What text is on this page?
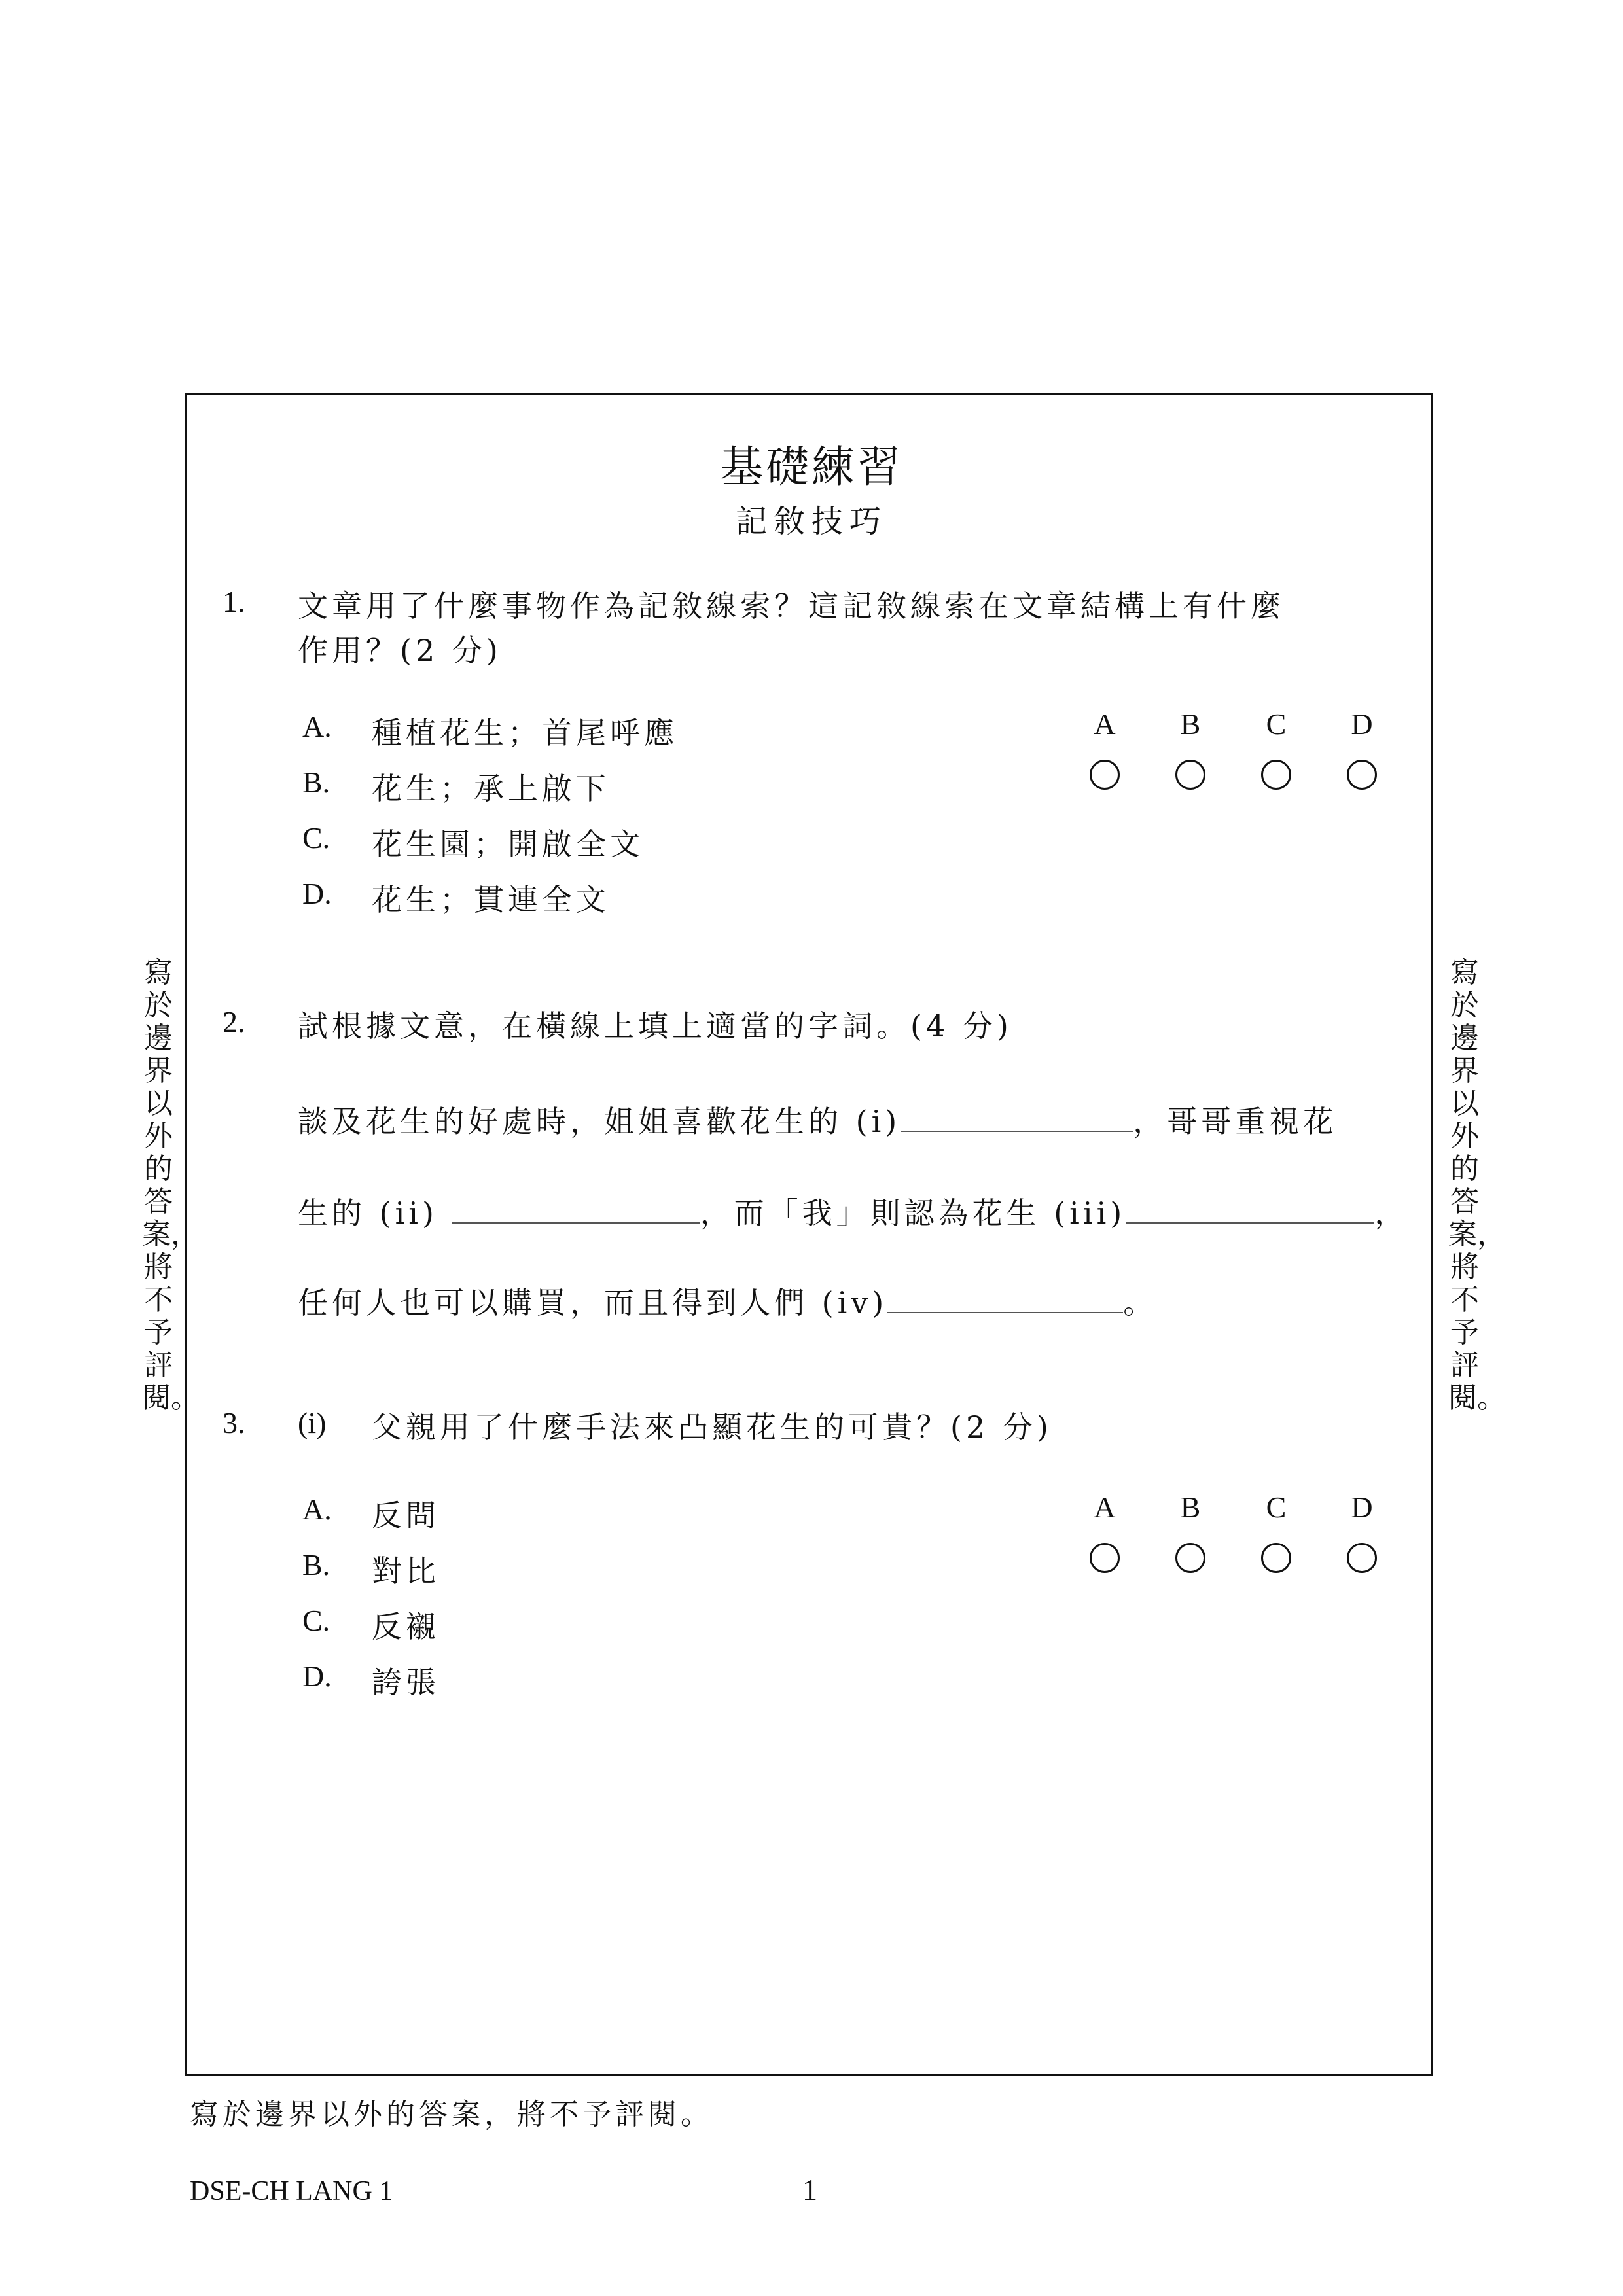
基礎練習
記敘技巧
1. 文章用了什麼事物作為記敘線索？這記敘線索在文章結構上有什麼
作用？(2 分)
A. 種植花生；首尾呼應
B. 花生；承上啟下
C. 花生園；開啟全文
D. 花生；貫連全文
A	B	C	D
2. 試根據文意，在橫線上填上適當的字詞。(4 分)
談及花生的好處時，姐姐喜歡花生的 (i)	，哥哥重視花
生的 (ii)	，而「我」則認為花生 (iii)	，
任何人也可以購買，而且得到人們 (iv)	。
3. (i) 父親用了什麼手法來凸顯花生的可貴？(2 分)
A. 反問
B. 對比
C. 反襯
D. 誇張
A	B	C	D
寫於邊界以外的答案，將不予評閱。
寫於邊界以外的答案，將不予評閱。
寫於邊界以外的答案，將不予評閱。
DSE-CH LANG 1	1
